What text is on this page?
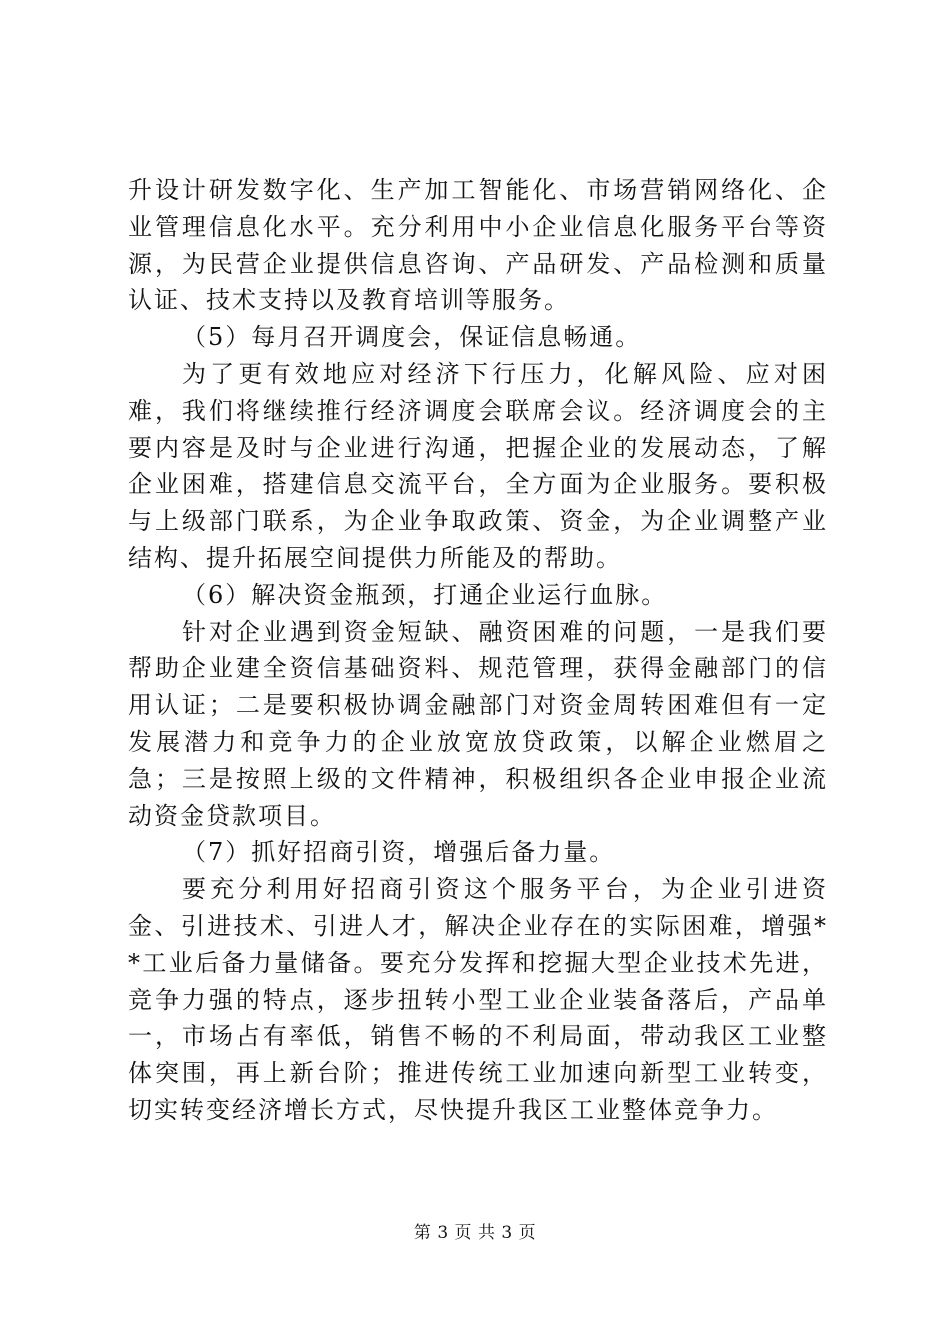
升设计研发数字化、生产加工智能化、市场营销网络化、企业管理信息化水平。充分利用中小企业信息化服务平台等资源，为民营企业提供信息咨询、产品研发、产品检测和质量认证、技术支持以及教育培训等服务。

（5）每月召开调度会，保证信息畅通。

为了更有效地应对经济下行压力，化解风险、应对困难，我们将继续推行经济调度会联席会议。经济调度会的主要内容是及时与企业进行沟通，把握企业的发展动态，了解企业困难，搭建信息交流平台，全方面为企业服务。要积极与上级部门联系，为企业争取政策、资金，为企业调整产业结构、提升拓展空间提供力所能及的帮助。

（6）解决资金瓶颈，打通企业运行血脉。

针对企业遇到资金短缺、融资困难的问题，一是我们要帮助企业建全资信基础资料、规范管理，获得金融部门的信用认证；二是要积极协调金融部门对资金周转困难但有一定发展潜力和竞争力的企业放宽放贷政策，以解企业燃眉之急；三是按照上级的文件精神，积极组织各企业申报企业流动资金贷款项目。

（7）抓好招商引资，增强后备力量。

要充分利用好招商引资这个服务平台，为企业引进资金、引进技术、引进人才，解决企业存在的实际困难，增强**工业后备力量储备。要充分发挥和挖掘大型企业技术先进，竞争力强的特点，逐步扭转小型工业企业装备落后，产品单一，市场占有率低，销售不畅的不利局面，带动我区工业整体突围，再上新台阶；推进传统工业加速向新型工业转变，切实转变经济增长方式，尽快提升我区工业整体竞争力。

第 3 页 共 3 页
